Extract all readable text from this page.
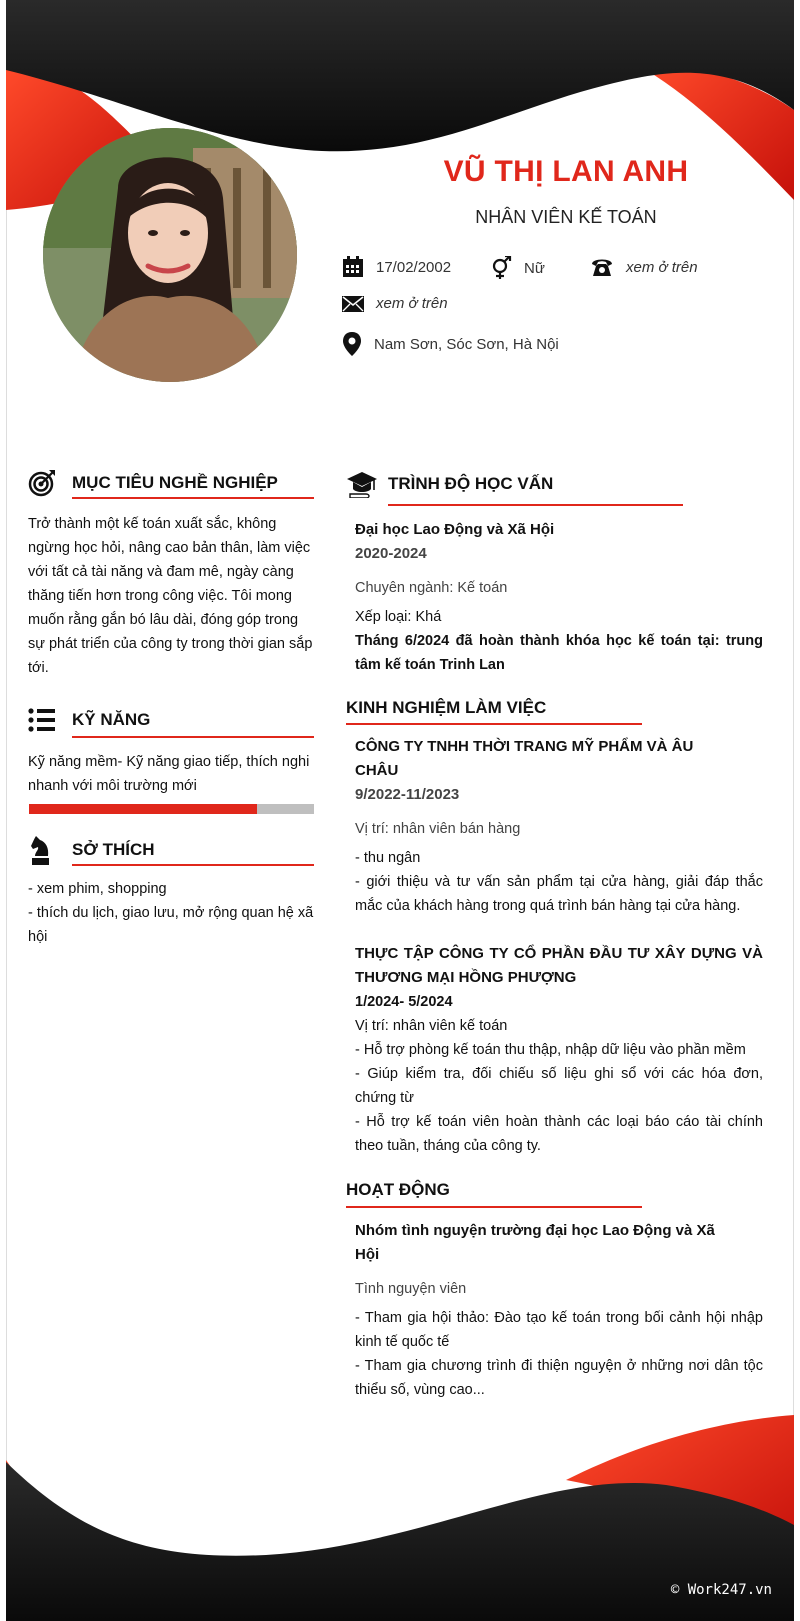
VŨ THỊ LAN ANH
NHÂN VIÊN KẾ TOÁN
17/02/2002	Nữ	xem ở trên
xem ở trên
Nam Sơn, Sóc Sơn, Hà Nội
MỤC TIÊU NGHỀ NGHIỆP
Trở thành một kế toán xuất sắc, không
ngừng học hỏi, nâng cao bản thân, làm việc
với tất cả tài năng và đam mê, ngày càng
thăng tiến hơn trong công việc. Tôi mong
muốn rằng gắn bó lâu dài, đóng góp trong
sự phát triển của công ty trong thời gian sắp
tới.
KỸ NĂNG
Kỹ năng mềm- Kỹ năng giao tiếp, thích nghi
nhanh với môi trường mới
SỞ THÍCH
- xem phim, shopping
- thích du lịch, giao lưu, mở rộng quan hệ xã
hội
TRÌNH ĐỘ HỌC VẤN
Đại học Lao Động và Xã Hội
2020-2024
Chuyên ngành: Kế toán
Xếp loại: Khá
Tháng 6/2024 đã hoàn thành khóa học kế toán tại: trung
tâm kế toán Trinh Lan
KINH NGHIỆM LÀM VIỆC
CÔNG TY TNHH THỜI TRANG MỸ PHẨM VÀ ÂU
CHÂU
9/2022-11/2023
Vị trí: nhân viên bán hàng
- thu ngân
- giới thiệu và tư vấn sản phẩm tại cửa hàng, giải đáp thắc
mắc của khách hàng trong quá trình bán hàng tại cửa hàng.
THỰC TẬP CÔNG TY CỔ PHẦN ĐẦU TƯ XÂY DỰNG VÀ
THƯƠNG MẠI HỒNG PHƯỢNG
1/2024- 5/2024
Vị trí: nhân viên kế toán
- Hỗ trợ phòng kế toán thu thập, nhập dữ liệu vào phần mềm
- Giúp kiểm tra, đối chiếu số liệu ghi sổ với các hóa đơn,
chứng từ
- Hỗ trợ kế toán viên hoàn thành các loại báo cáo tài chính
theo tuần, tháng của công ty.
HOẠT ĐỘNG
Nhóm tình nguyện trường đại học Lao Động và Xã
Hội
Tình nguyện viên
- Tham gia hội thảo: Đào tạo kế toán trong bối cảnh hội nhập
kinh tế quốc tế
- Tham gia chương trình đi thiện nguyện ở những nơi dân tộc
thiểu số, vùng cao...
© Work247.vn
